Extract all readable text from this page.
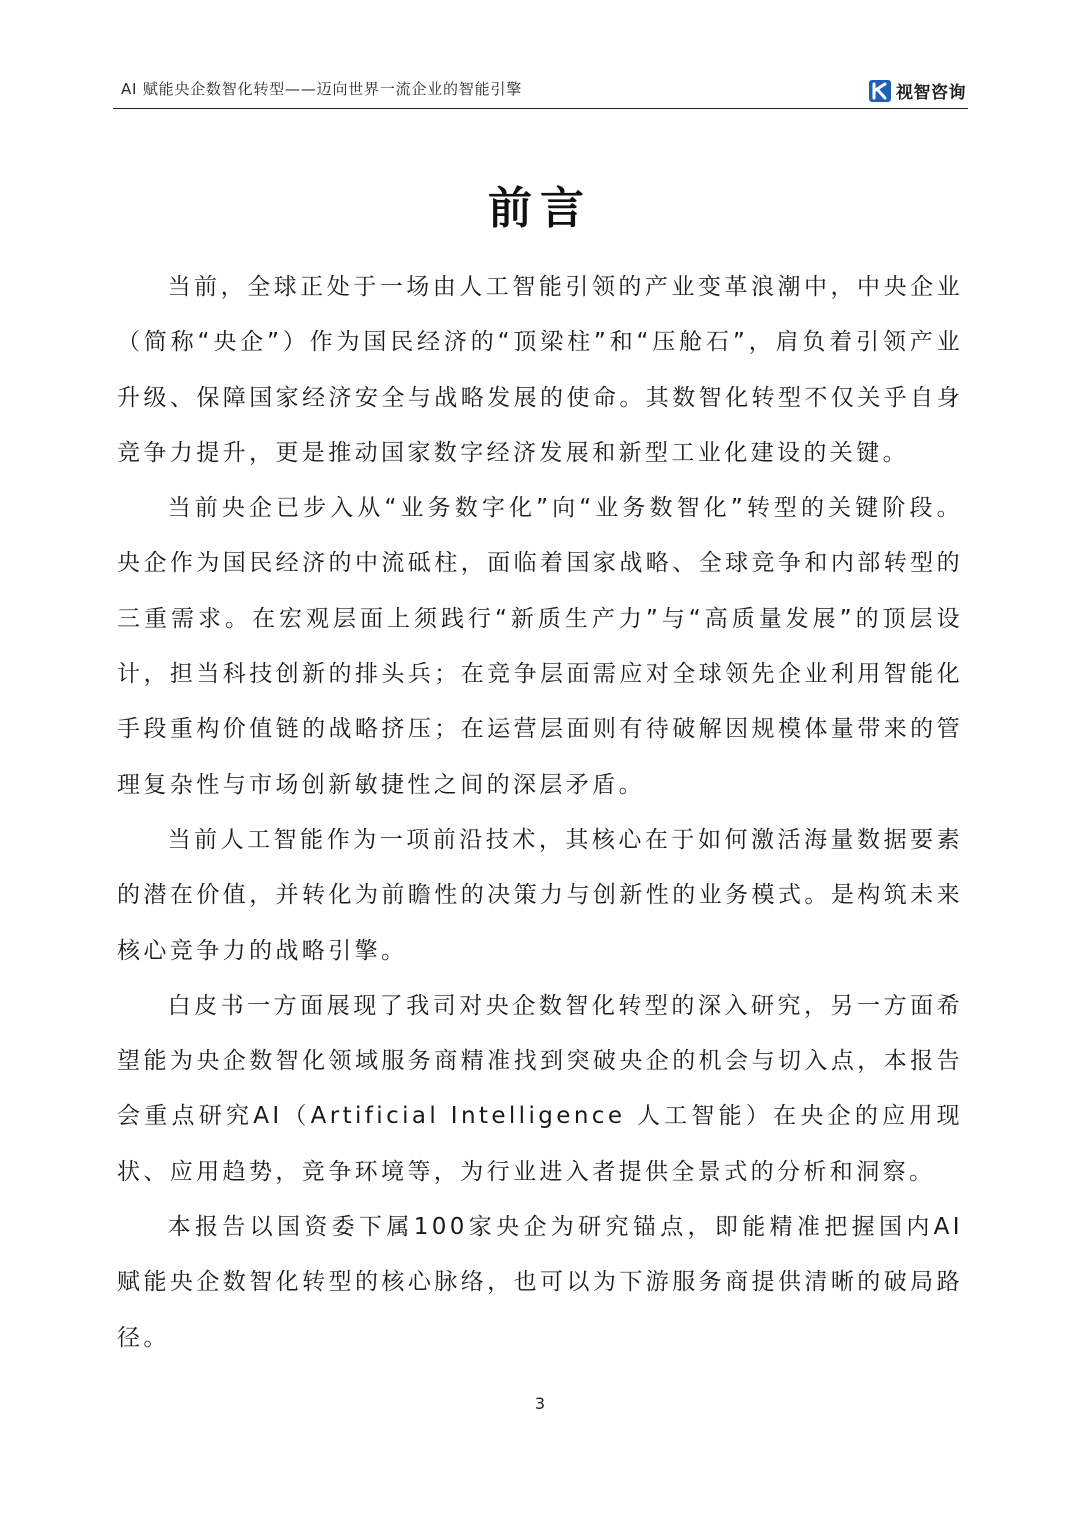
AI 赋能央企数智化转型——迈向世界一流企业的智能引擎	视智咨询
前言

当前，全球正处于一场由人工智能引领的产业变革浪潮中，中央企业（简称“央企”）作为国民经济的“顶梁柱”和“压舱石”，肩负着引领产业升级、保障国家经济安全与战略发展的使命。其数智化转型不仅关乎自身竞争力提升，更是推动国家数字经济发展和新型工业化建设的关键。

当前央企已步入从“业务数字化”向“业务数智化”转型的关键阶段。央企作为国民经济的中流砥柱，面临着国家战略、全球竞争和内部转型的三重需求。在宏观层面上须践行“新质生产力”与“高质量发展”的顶层设计，担当科技创新的排头兵；在竞争层面需应对全球领先企业利用智能化手段重构价值链的战略挤压；在运营层面则有待破解因规模体量带来的管理复杂性与市场创新敏捷性之间的深层矛盾。

当前人工智能作为一项前沿技术，其核心在于如何激活海量数据要素的潜在价值，并转化为前瞻性的决策力与创新性的业务模式。是构筑未来核心竞争力的战略引擎。

白皮书一方面展现了我司对央企数智化转型的深入研究，另一方面希望能为央企数智化领域服务商精准找到突破央企的机会与切入点，本报告会重点研究AI（Artificial Intelligence 人工智能）在央企的应用现状、应用趋势，竞争环境等，为行业进入者提供全景式的分析和洞察。

本报告以国资委下属100家央企为研究锚点，即能精准把握国内AI赋能央企数智化转型的核心脉络，也可以为下游服务商提供清晰的破局路径。

3
